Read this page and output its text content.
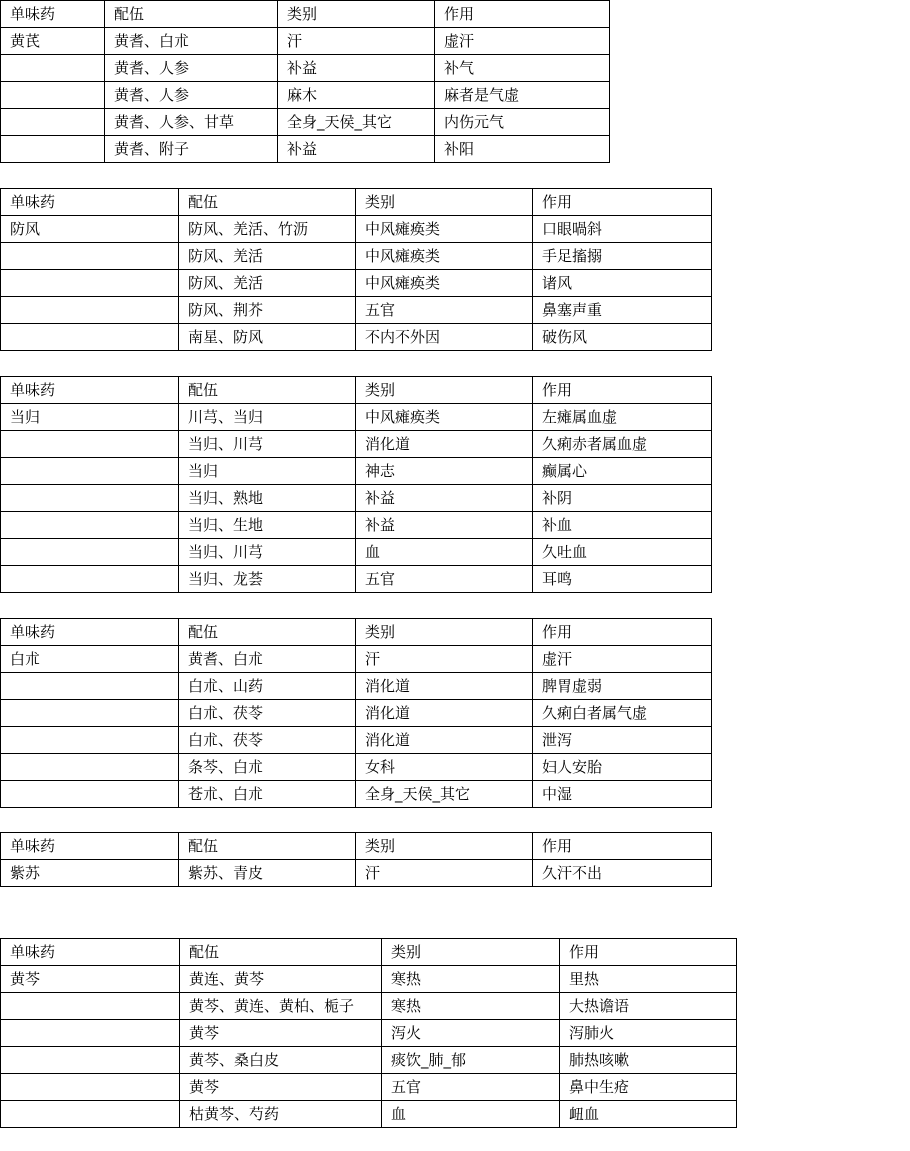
单味药	配伍	类别	作用
黄芪	黄耆、白朮	汗	虚汗
	黄耆、人参	补益	补气
	黄耆、人参	麻木	麻者是气虚
	黄耆、人参、甘草	全身_天侯_其它	内伤元气
	黄耆、附子	补益	补阳
单味药	配伍	类别	作用
防风	防风、羌活、竹沥	中风瘫痪类	口眼喎斜
	防风、羌活	中风瘫痪类	手足搐搦
	防风、羌活	中风瘫痪类	诸风
	防风、荆芥	五官	鼻塞声重
	南星、防风	不内不外因	破伤风
单味药	配伍	类别	作用
当归	川芎、当归	中风瘫痪类	左瘫属血虚
	当归、川芎	消化道	久痢赤者属血虚
	当归	神志	癫属心
	当归、熟地	补益	补阴
	当归、生地	补益	补血
	当归、川芎	血	久吐血
	当归、龙荟	五官	耳鸣
单味药	配伍	类别	作用
白朮	黄耆、白朮	汗	虚汗
	白朮、山药	消化道	脾胃虚弱
	白朮、茯苓	消化道	久痢白者属气虚
	白朮、茯苓	消化道	泄泻
	条芩、白朮	女科	妇人安胎
	苍朮、白朮	全身_天侯_其它	中湿
单味药	配伍	类别	作用
紫苏	紫苏、青皮	汗	久汗不出
单味药	配伍	类别	作用
黄芩	黄连、黄芩	寒热	里热
	黄芩、黄连、黄柏、栀子	寒热	大热谵语
	黄芩	泻火	泻肺火
	黄芩、桑白皮	痰饮_肺_郁	肺热咳嗽
	黄芩	五官	鼻中生疮
	枯黄芩、芍药	血	衄血
